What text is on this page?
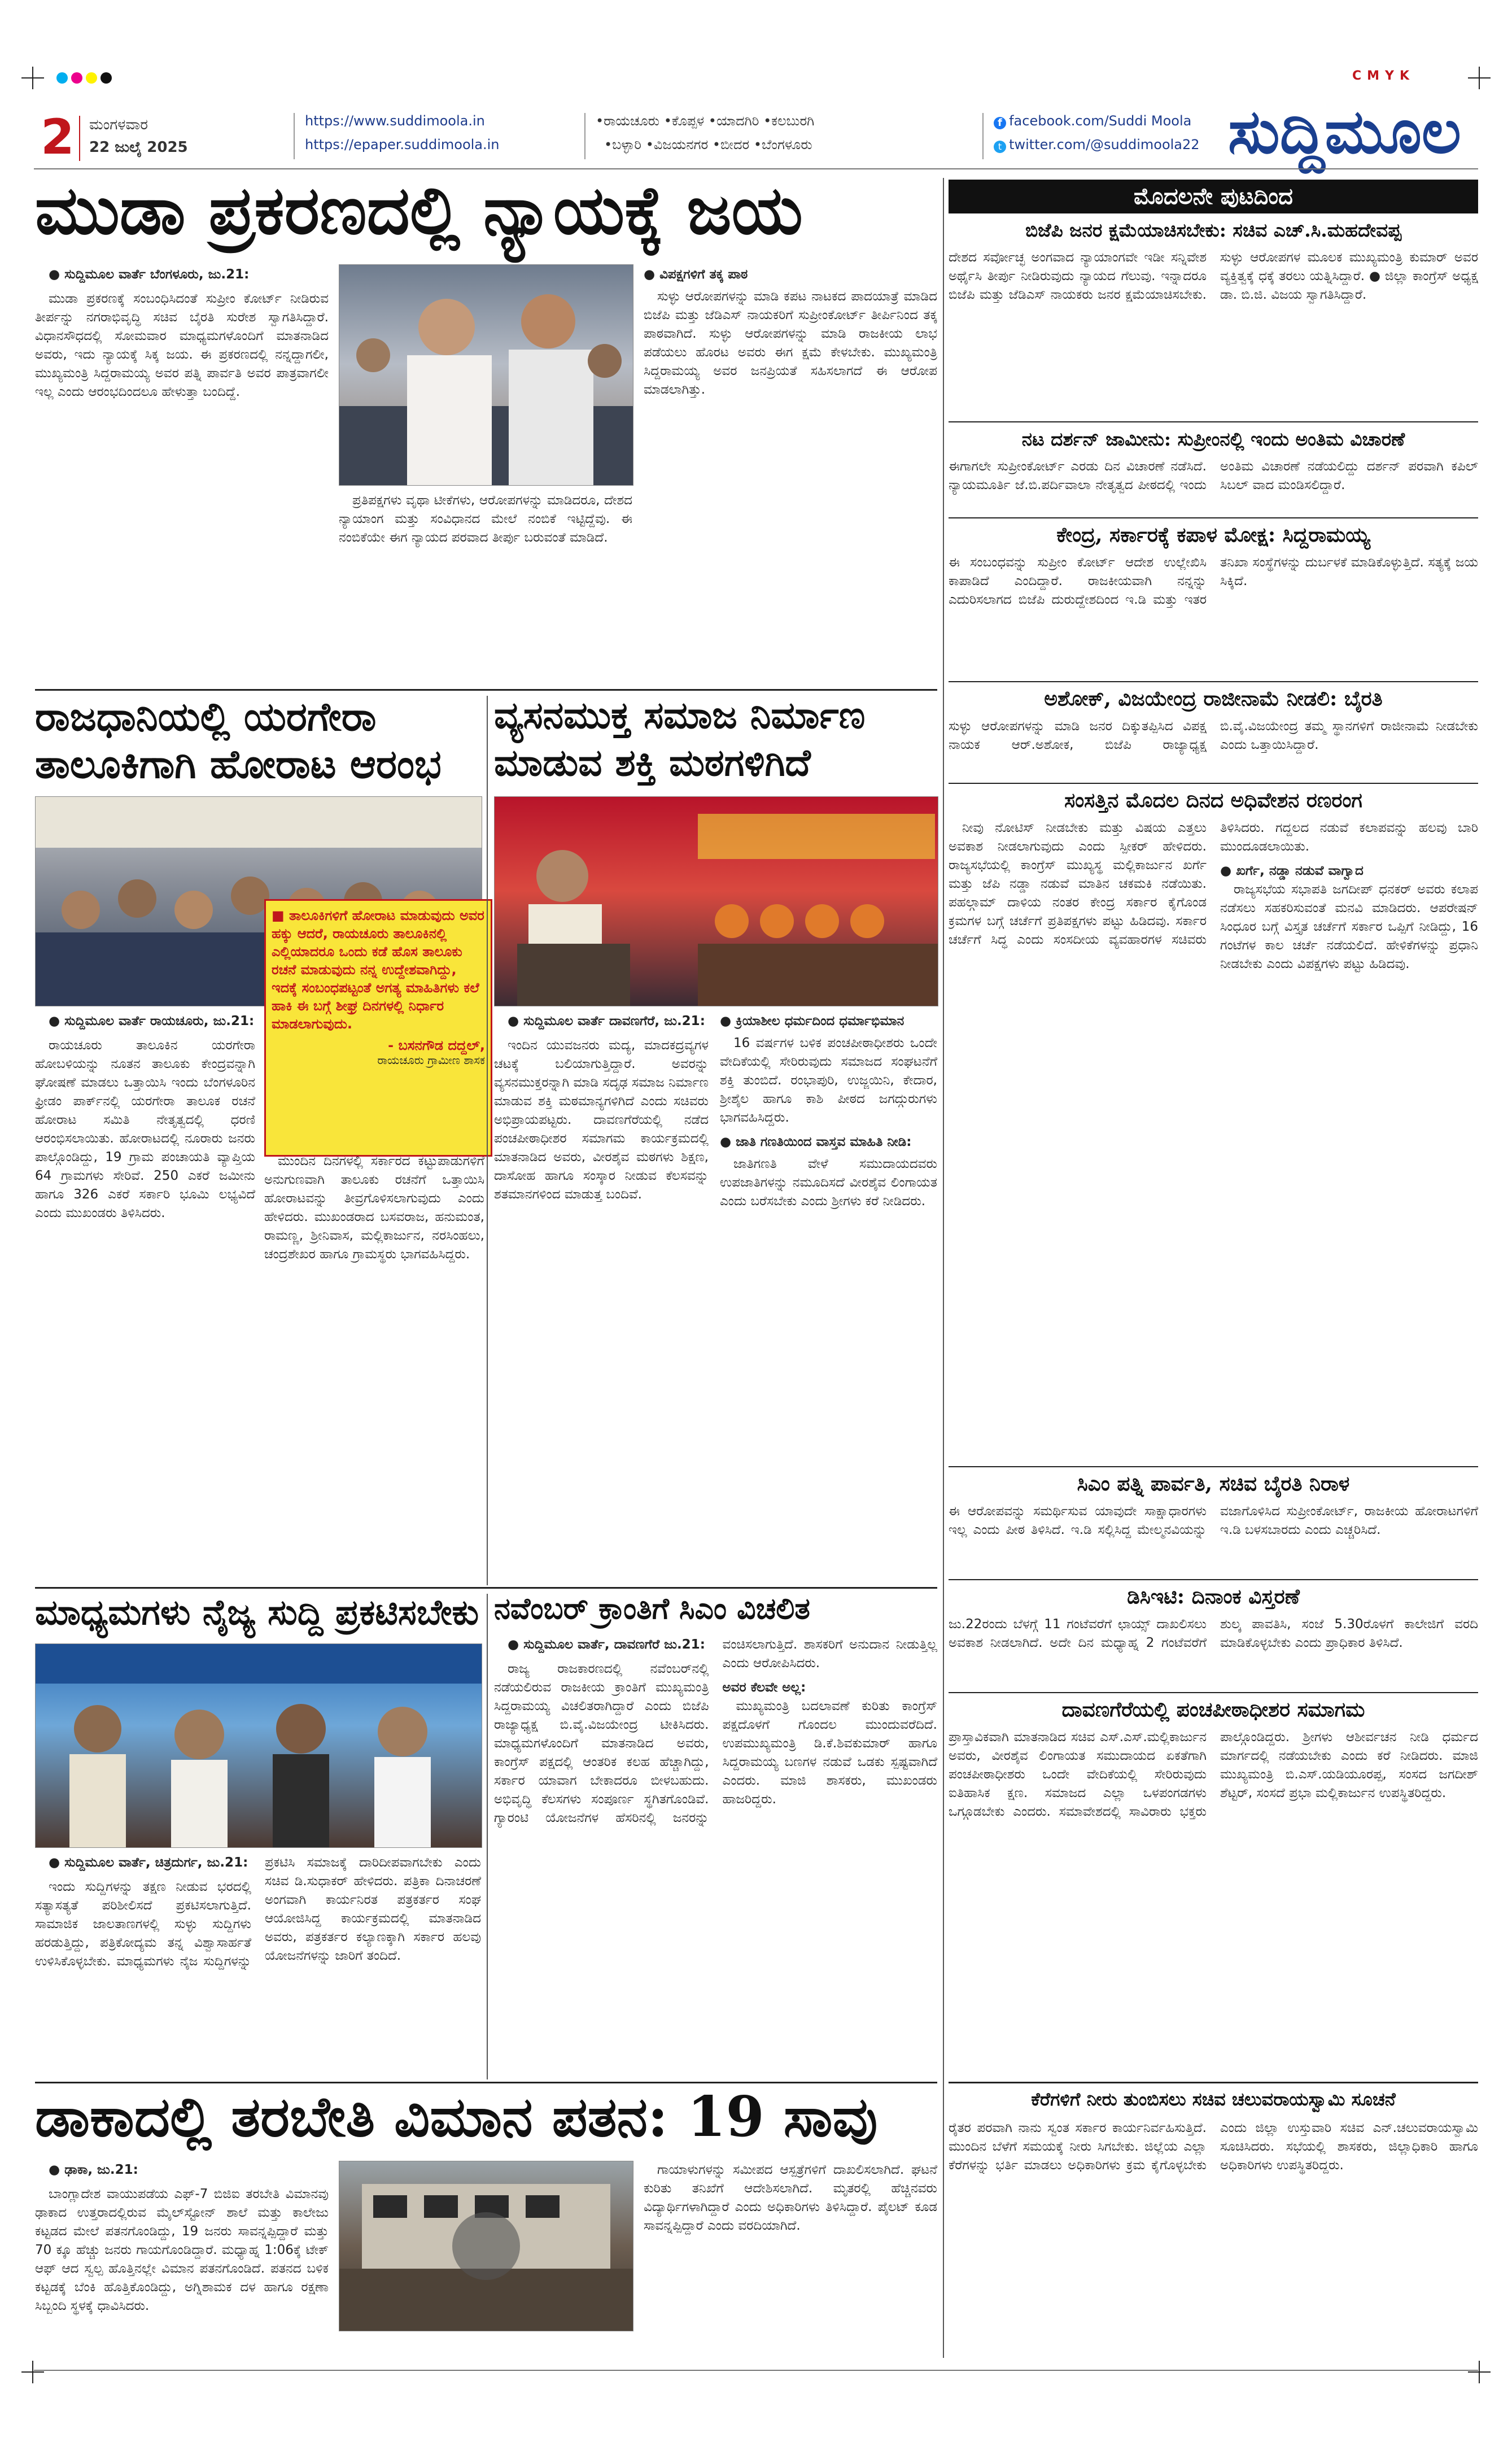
CMYK
2 ಮಂಗಳವಾರ
22 ಜುಲೈ 2025
https://www.suddimoola.in
https://epaper.suddimoola.in
•ರಾಯಚೂರು •ಕೊಪ್ಪಳ •ಯಾದಗಿರಿ •ಕಲಬುರಗಿ
•ಬಳ್ಳಾರಿ •ವಿಜಯನಗರ •ಬೀದರ •ಬೆಂಗಳೂರು
f facebook.com/Suddi Moola
t twitter.com/@suddimoola22 ಸುದ್ದಿಮೂಲ
ಮುಡಾ ಪ್ರಕರಣದಲ್ಲಿ ನ್ಯಾಯಕ್ಕೆ ಜಯ

● ಸುದ್ದಿಮೂಲ ವಾರ್ತೆ ಬೆಂಗಳೂರು, ಜು.21:

ಮುಡಾ ಪ್ರಕರಣಕ್ಕೆ ಸಂಬಂಧಿಸಿದಂತೆ ಸುಪ್ರೀಂ ಕೋರ್ಟ್ ನೀಡಿರುವ ತೀರ್ಪನ್ನು ನಗರಾಭಿವೃದ್ಧಿ ಸಚಿವ ಬೈರತಿ ಸುರೇಶ ಸ್ವಾಗತಿಸಿದ್ದಾರೆ. ವಿಧಾನಸೌಧದಲ್ಲಿ ಸೋಮವಾರ ಮಾಧ್ಯಮಗಳೊಂದಿಗೆ ಮಾತನಾಡಿದ ಅವರು, ಇದು ನ್ಯಾಯಕ್ಕೆ ಸಿಕ್ಕ ಜಯ. ಈ ಪ್ರಕರಣದಲ್ಲಿ ನನ್ನದ್ದಾಗಲೀ, ಮುಖ್ಯಮಂತ್ರಿ ಸಿದ್ದರಾಮಯ್ಯ ಅವರ ಪತ್ನಿ ಪಾರ್ವತಿ ಅವರ ಪಾತ್ರವಾಗಲೀ ಇಲ್ಲ ಎಂದು ಆರಂಭದಿಂದಲೂ ಹೇಳುತ್ತಾ ಬಂದಿದ್ದೆ.

ಪ್ರತಿಪಕ್ಷಗಳು ವೃಥಾ ಟೀಕೆಗಳು, ಆರೋಪಗಳನ್ನು ಮಾಡಿದರೂ, ದೇಶದ ನ್ಯಾಯಾಂಗ ಮತ್ತು ಸಂವಿಧಾನದ ಮೇಲೆ ನಂಬಿಕೆ ಇಟ್ಟಿದ್ದೆವು. ಈ ನಂಬಿಕೆಯೇ ಈಗ ನ್ಯಾಯದ ಪರವಾದ ತೀರ್ಪು ಬರುವಂತೆ ಮಾಡಿದೆ.

● ವಿಪಕ್ಷಗಳಿಗೆ ತಕ್ಕ ಪಾಠ

ಸುಳ್ಳು ಆರೋಪಗಳನ್ನು ಮಾಡಿ ಕಪಟ ನಾಟಕದ ಪಾದಯಾತ್ರೆ ಮಾಡಿದ ಬಿಜೆಪಿ ಮತ್ತು ಜೆಡಿಎಸ್ ನಾಯಕರಿಗೆ ಸುಪ್ರೀಂಕೋರ್ಟ್ ತೀರ್ಪಿನಿಂದ ತಕ್ಕ ಪಾಠವಾಗಿದೆ. ಸುಳ್ಳು ಆರೋಪಗಳನ್ನು ಮಾಡಿ ರಾಜಕೀಯ ಲಾಭ ಪಡೆಯಲು ಹೊರಟ ಅವರು ಈಗ ಕ್ಷಮೆ ಕೇಳಬೇಕು. ಮುಖ್ಯಮಂತ್ರಿ ಸಿದ್ದರಾಮಯ್ಯ ಅವರ ಜನಪ್ರಿಯತೆ ಸಹಿಸಲಾಗದೆ ಈ ಆರೋಪ ಮಾಡಲಾಗಿತ್ತು.

ರಾಜಧಾನಿಯಲ್ಲಿ ಯರಗೇರಾ
ತಾಲೂಕಿಗಾಗಿ ಹೋರಾಟ ಆರಂಭ

● ಸುದ್ದಿಮೂಲ ವಾರ್ತೆ ರಾಯಚೂರು, ಜು.21:

ರಾಯಚೂರು ತಾಲೂಕಿನ ಯರಗೇರಾ ಹೋಬಳಿಯನ್ನು ನೂತನ ತಾಲೂಕು ಕೇಂದ್ರವನ್ನಾಗಿ ಘೋಷಣೆ ಮಾಡಲು ಒತ್ತಾಯಿಸಿ ಇಂದು ಬೆಂಗಳೂರಿನ ಫ್ರೀಡಂ ಪಾರ್ಕ್‌ನಲ್ಲಿ ಯರಗೇರಾ ತಾಲೂಕ ರಚನೆ ಹೋರಾಟ ಸಮಿತಿ ನೇತೃತ್ವದಲ್ಲಿ ಧರಣಿ ಆರಂಭಿಸಲಾಯಿತು. ಹೋರಾಟದಲ್ಲಿ ನೂರಾರು ಜನರು ಪಾಲ್ಗೊಂಡಿದ್ದು, 19 ಗ್ರಾಮ ಪಂಚಾಯತಿ ವ್ಯಾಪ್ತಿಯ 64 ಗ್ರಾಮಗಳು ಸೇರಿವೆ. 250 ಎಕರೆ ಜಮೀನು ಹಾಗೂ 326 ಎಕರೆ ಸರ್ಕಾರಿ ಭೂಮಿ ಲಭ್ಯವಿದೆ ಎಂದು ಮುಖಂಡರು ತಿಳಿಸಿದರು.

■ ತಾಲೂಕಿಗಳಿಗೆ ಹೋರಾಟ ಮಾಡುವುದು ಅವರ ಹಕ್ಕು ಆದರೆ, ರಾಯಚೂರು ತಾಲೂಕಿನಲ್ಲಿ ಎಲ್ಲಿಯಾದರೂ ಒಂದು ಕಡೆ ಹೊಸ ತಾಲೂಕು ರಚನೆ ಮಾಡುವುದು ನನ್ನ ಉದ್ದೇಶವಾಗಿದ್ದು, ಇದಕ್ಕೆ ಸಂಬಂಧಪಟ್ಟಂತೆ ಅಗತ್ಯ ಮಾಹಿತಿಗಳು ಕಲೆ ಹಾಕಿ ಈ ಬಗ್ಗೆ ಶೀಘ್ರ ದಿನಗಳಲ್ಲಿ ನಿರ್ಧಾರ ಮಾಡಲಾಗುವುದು.
- ಬಸನಗೌಡ ದದ್ದಲ್,
ರಾಯಚೂರು ಗ್ರಾಮೀಣ ಶಾಸಕ

ಮುಂದಿನ ದಿನಗಳಲ್ಲಿ ಸರ್ಕಾರದ ಕಟ್ಟುಪಾಡುಗಳಿಗೆ ಅನುಗುಣವಾಗಿ ತಾಲೂಕು ರಚನೆಗೆ ಒತ್ತಾಯಿಸಿ ಹೋರಾಟವನ್ನು ತೀವ್ರಗೊಳಿಸಲಾಗುವುದು ಎಂದು ಹೇಳಿದರು. ಮುಖಂಡರಾದ ಬಸವರಾಜ, ಹನುಮಂತ, ರಾಮಣ್ಣ, ಶ್ರೀನಿವಾಸ, ಮಲ್ಲಿಕಾರ್ಜುನ, ನರಸಿಂಹಲು, ಚಂದ್ರಶೇಖರ ಹಾಗೂ ಗ್ರಾಮಸ್ಥರು ಭಾಗವಹಿಸಿದ್ದರು.

ವ್ಯಸನಮುಕ್ತ ಸಮಾಜ ನಿರ್ಮಾಣ
ಮಾಡುವ ಶಕ್ತಿ ಮಠಗಳಿಗಿದೆ

● ಸುದ್ದಿಮೂಲ ವಾರ್ತೆ ದಾವಣಗೆರೆ, ಜು.21:

ಇಂದಿನ ಯುವಜನರು ಮದ್ಯ, ಮಾದಕದ್ರವ್ಯಗಳ ಚಟಕ್ಕೆ ಬಲಿಯಾಗುತ್ತಿದ್ದಾರೆ. ಅವರನ್ನು ವ್ಯಸನಮುಕ್ತರನ್ನಾಗಿ ಮಾಡಿ ಸದೃಢ ಸಮಾಜ ನಿರ್ಮಾಣ ಮಾಡುವ ಶಕ್ತಿ ಮಠಮಾನ್ಯಗಳಿಗಿದೆ ಎಂದು ಸಚಿವರು ಅಭಿಪ್ರಾಯಪಟ್ಟರು. ದಾವಣಗೆರೆಯಲ್ಲಿ ನಡೆದ ಪಂಚಪೀಠಾಧೀಶರ ಸಮಾಗಮ ಕಾರ್ಯಕ್ರಮದಲ್ಲಿ ಮಾತನಾಡಿದ ಅವರು, ವೀರಶೈವ ಮಠಗಳು ಶಿಕ್ಷಣ, ದಾಸೋಹ ಹಾಗೂ ಸಂಸ್ಕಾರ ನೀಡುವ ಕೆಲಸವನ್ನು ಶತಮಾನಗಳಿಂದ ಮಾಡುತ್ತ ಬಂದಿವೆ.

● ಕ್ರಿಯಾಶೀಲ ಧರ್ಮದಿಂದ ಧರ್ಮಾಭಿಮಾನ

16 ವರ್ಷಗಳ ಬಳಿಕ ಪಂಚಪೀಠಾಧೀಶರು ಒಂದೇ ವೇದಿಕೆಯಲ್ಲಿ ಸೇರಿರುವುದು ಸಮಾಜದ ಸಂಘಟನೆಗೆ ಶಕ್ತಿ ತುಂಬಿದೆ. ರಂಭಾಪುರಿ, ಉಜ್ಜಯಿನಿ, ಕೇದಾರ, ಶ್ರೀಶೈಲ ಹಾಗೂ ಕಾಶಿ ಪೀಠದ ಜಗದ್ಗುರುಗಳು ಭಾಗವಹಿಸಿದ್ದರು.

● ಜಾತಿ ಗಣತಿಯಿಂದ ವಾಸ್ತವ ಮಾಹಿತಿ ನೀಡಿ:

ಜಾತಿಗಣತಿ ವೇಳೆ ಸಮುದಾಯದವರು ಉಪಜಾತಿಗಳನ್ನು ನಮೂದಿಸದೆ ವೀರಶೈವ ಲಿಂಗಾಯತ ಎಂದು ಬರೆಸಬೇಕು ಎಂದು ಶ್ರೀಗಳು ಕರೆ ನೀಡಿದರು.

ಮಾಧ್ಯಮಗಳು ನೈಜ್ಯ ಸುದ್ದಿ ಪ್ರಕಟಿಸಬೇಕು

● ಸುದ್ದಿಮೂಲ ವಾರ್ತೆ, ಚಿತ್ರದುರ್ಗ, ಜು.21:

ಇಂದು ಸುದ್ದಿಗಳನ್ನು ತಕ್ಷಣ ನೀಡುವ ಭರದಲ್ಲಿ ಸತ್ಯಾಸತ್ಯತೆ ಪರಿಶೀಲಿಸದೆ ಪ್ರಕಟಿಸಲಾಗುತ್ತಿದೆ. ಸಾಮಾಜಿಕ ಜಾಲತಾಣಗಳಲ್ಲಿ ಸುಳ್ಳು ಸುದ್ದಿಗಳು ಹರಡುತ್ತಿದ್ದು, ಪತ್ರಿಕೋದ್ಯಮ ತನ್ನ ವಿಶ್ವಾಸಾರ್ಹತೆ ಉಳಿಸಿಕೊಳ್ಳಬೇಕು. ಮಾಧ್ಯಮಗಳು ನೈಜ ಸುದ್ದಿಗಳನ್ನು ಪ್ರಕಟಿಸಿ ಸಮಾಜಕ್ಕೆ ದಾರಿದೀಪವಾಗಬೇಕು ಎಂದು ಸಚಿವ ಡಿ.ಸುಧಾಕರ್ ಹೇಳಿದರು. ಪತ್ರಿಕಾ ದಿನಾಚರಣೆ ಅಂಗವಾಗಿ ಕಾರ್ಯನಿರತ ಪತ್ರಕರ್ತರ ಸಂಘ ಆಯೋಜಿಸಿದ್ದ ಕಾರ್ಯಕ್ರಮದಲ್ಲಿ ಮಾತನಾಡಿದ ಅವರು, ಪತ್ರಕರ್ತರ ಕಲ್ಯಾಣಕ್ಕಾಗಿ ಸರ್ಕಾರ ಹಲವು ಯೋಜನೆಗಳನ್ನು ಜಾರಿಗೆ ತಂದಿದೆ.

ನವೆಂಬರ್ ಕ್ರಾಂತಿಗೆ ಸಿಎಂ ವಿಚಲಿತ

● ಸುದ್ದಿಮೂಲ ವಾರ್ತೆ, ದಾವಣಗೆರೆ ಜು.21:

ರಾಜ್ಯ ರಾಜಕಾರಣದಲ್ಲಿ ನವೆಂಬರ್‌ನಲ್ಲಿ ನಡೆಯಲಿರುವ ರಾಜಕೀಯ ಕ್ರಾಂತಿಗೆ ಮುಖ್ಯಮಂತ್ರಿ ಸಿದ್ದರಾಮಯ್ಯ ವಿಚಲಿತರಾಗಿದ್ದಾರೆ ಎಂದು ಬಿಜೆಪಿ ರಾಜ್ಯಾಧ್ಯಕ್ಷ ಬಿ.ವೈ.ವಿಜಯೇಂದ್ರ ಟೀಕಿಸಿದರು. ಮಾಧ್ಯಮಗಳೊಂದಿಗೆ ಮಾತನಾಡಿದ ಅವರು, ಕಾಂಗ್ರೆಸ್ ಪಕ್ಷದಲ್ಲಿ ಆಂತರಿಕ ಕಲಹ ಹೆಚ್ಚಾಗಿದ್ದು, ಸರ್ಕಾರ ಯಾವಾಗ ಬೇಕಾದರೂ ಬೀಳಬಹುದು. ಅಭಿವೃದ್ಧಿ ಕೆಲಸಗಳು ಸಂಪೂರ್ಣ ಸ್ಥಗಿತಗೊಂಡಿವೆ. ಗ್ಯಾರಂಟಿ ಯೋಜನೆಗಳ ಹೆಸರಿನಲ್ಲಿ ಜನರನ್ನು ವಂಚಿಸಲಾಗುತ್ತಿದೆ. ಶಾಸಕರಿಗೆ ಅನುದಾನ ನೀಡುತ್ತಿಲ್ಲ ಎಂದು ಆರೋಪಿಸಿದರು.

ಅವರ ಕೆಲವೇ ಅಲ್ಲ:

ಮುಖ್ಯಮಂತ್ರಿ ಬದಲಾವಣೆ ಕುರಿತು ಕಾಂಗ್ರೆಸ್ ಪಕ್ಷದೊಳಗೆ ಗೊಂದಲ ಮುಂದುವರೆದಿದೆ. ಉಪಮುಖ್ಯಮಂತ್ರಿ ಡಿ.ಕೆ.ಶಿವಕುಮಾರ್ ಹಾಗೂ ಸಿದ್ದರಾಮಯ್ಯ ಬಣಗಳ ನಡುವೆ ಒಡಕು ಸ್ಪಷ್ಟವಾಗಿದೆ ಎಂದರು. ಮಾಜಿ ಶಾಸಕರು, ಮುಖಂಡರು ಹಾಜರಿದ್ದರು.

ಡಾಕಾದಲ್ಲಿ ತರಬೇತಿ ವಿಮಾನ ಪತನ: 19 ಸಾವು

● ಢಾಕಾ, ಜು.21:

ಬಾಂಗ್ಲಾದೇಶ ವಾಯುಪಡೆಯ ಎಫ್-7 ಬಿಜಿಐ ತರಬೇತಿ ವಿಮಾನವು ಢಾಕಾದ ಉತ್ತರಾದಲ್ಲಿರುವ ಮೈಲ್‌ಸ್ಟೋನ್ ಶಾಲೆ ಮತ್ತು ಕಾಲೇಜು ಕಟ್ಟಡದ ಮೇಲೆ ಪತನಗೊಂಡಿದ್ದು, 19 ಜನರು ಸಾವನ್ನಪ್ಪಿದ್ದಾರೆ ಮತ್ತು 70 ಕ್ಕೂ ಹೆಚ್ಚು ಜನರು ಗಾಯಗೊಂಡಿದ್ದಾರೆ. ಮಧ್ಯಾಹ್ನ 1:06ಕ್ಕೆ ಟೇಕ್ ಆಫ್ ಆದ ಸ್ವಲ್ಪ ಹೊತ್ತಿನಲ್ಲೇ ವಿಮಾನ ಪತನಗೊಂಡಿದೆ. ಪತನದ ಬಳಿಕ ಕಟ್ಟಡಕ್ಕೆ ಬೆಂಕಿ ಹೊತ್ತಿಕೊಂಡಿದ್ದು, ಅಗ್ನಿಶಾಮಕ ದಳ ಹಾಗೂ ರಕ್ಷಣಾ ಸಿಬ್ಬಂದಿ ಸ್ಥಳಕ್ಕೆ ಧಾವಿಸಿದರು.

ಗಾಯಾಳುಗಳನ್ನು ಸಮೀಪದ ಆಸ್ಪತ್ರೆಗಳಿಗೆ ದಾಖಲಿಸಲಾಗಿದೆ. ಘಟನೆ ಕುರಿತು ತನಿಖೆಗೆ ಆದೇಶಿಸಲಾಗಿದೆ. ಮೃತರಲ್ಲಿ ಹೆಚ್ಚಿನವರು ವಿದ್ಯಾರ್ಥಿಗಳಾಗಿದ್ದಾರೆ ಎಂದು ಅಧಿಕಾರಿಗಳು ತಿಳಿಸಿದ್ದಾರೆ. ಪೈಲಟ್ ಕೂಡ ಸಾವನ್ನಪ್ಪಿದ್ದಾರೆ ಎಂದು ವರದಿಯಾಗಿದೆ.

ಮೊದಲನೇ ಪುಟದಿಂದ
ಬಿಜೆಪಿ ಜನರ ಕ್ಷಮೆಯಾಚಿಸಬೇಕು: ಸಚಿವ ಎಚ್.ಸಿ.ಮಹದೇವಪ್ಪ
ದೇಶದ ಸರ್ವೋಚ್ಛ ಅಂಗವಾದ ನ್ಯಾಯಾಂಗವೇ ಇಡೀ ಸನ್ನಿವೇಶ ಅರ್ಥೈಸಿ ತೀರ್ಪು ನೀಡಿರುವುದು ನ್ಯಾಯದ ಗೆಲುವು. ಇನ್ನಾದರೂ ಬಿಜೆಪಿ ಮತ್ತು ಜೆಡಿಎಸ್ ನಾಯಕರು ಜನರ ಕ್ಷಮೆಯಾಚಿಸಬೇಕು. ಸುಳ್ಳು ಆರೋಪಗಳ ಮೂಲಕ ಮುಖ್ಯಮಂತ್ರಿ ಕುಮಾರ್ ಅವರ ವ್ಯಕ್ತಿತ್ವಕ್ಕೆ ಧಕ್ಕೆ ತರಲು ಯತ್ನಿಸಿದ್ದಾರೆ. ● ಜಿಲ್ಲಾ ಕಾಂಗ್ರೆಸ್ ಅಧ್ಯಕ್ಷ ಡಾ. ಬಿ.ಜಿ. ವಿಜಯ ಸ್ವಾಗತಿಸಿದ್ದಾರೆ.
ನಟ ದರ್ಶನ್ ಜಾಮೀನು: ಸುಪ್ರೀಂನಲ್ಲಿ ಇಂದು ಅಂತಿಮ ವಿಚಾರಣೆ
ಈಗಾಗಲೇ ಸುಪ್ರೀಂಕೋರ್ಟ್ ಎರಡು ದಿನ ವಿಚಾರಣೆ ನಡೆಸಿದೆ. ನ್ಯಾಯಮೂರ್ತಿ ಜೆ.ಬಿ.ಪರ್ದಿವಾಲಾ ನೇತೃತ್ವದ ಪೀಠದಲ್ಲಿ ಇಂದು ಅಂತಿಮ ವಿಚಾರಣೆ ನಡೆಯಲಿದ್ದು ದರ್ಶನ್ ಪರವಾಗಿ ಕಪಿಲ್ ಸಿಬಲ್ ವಾದ ಮಂಡಿಸಲಿದ್ದಾರೆ.
ಕೇಂದ್ರ, ಸರ್ಕಾರಕ್ಕೆ ಕಪಾಳ ಮೋಕ್ಷ: ಸಿದ್ದರಾಮಯ್ಯ
ಈ ಸಂಬಂಧವನ್ನು ಸುಪ್ರೀಂ ಕೋರ್ಟ್ ಆದೇಶ ಉಲ್ಲೇಖಿಸಿ ಕಾಪಾಡಿದೆ ಎಂದಿದ್ದಾರೆ. ರಾಜಕೀಯವಾಗಿ ನನ್ನನ್ನು ಎದುರಿಸಲಾಗದ ಬಿಜೆಪಿ ದುರುದ್ದೇಶದಿಂದ ಇ.ಡಿ ಮತ್ತು ಇತರ ತನಿಖಾ ಸಂಸ್ಥೆಗಳನ್ನು ದುರ್ಬಳಕೆ ಮಾಡಿಕೊಳ್ಳುತ್ತಿದೆ. ಸತ್ಯಕ್ಕೆ ಜಯ ಸಿಕ್ಕಿದೆ.
ಅಶೋಕ್, ವಿಜಯೇಂದ್ರ ರಾಜೀನಾಮೆ ನೀಡಲಿ: ಬೈರತಿ
ಸುಳ್ಳು ಆರೋಪಗಳನ್ನು ಮಾಡಿ ಜನರ ದಿಕ್ಕುತಪ್ಪಿಸಿದ ವಿಪಕ್ಷ ನಾಯಕ ಆರ್.ಅಶೋಕ, ಬಿಜೆಪಿ ರಾಜ್ಯಾಧ್ಯಕ್ಷ ಬಿ.ವೈ.ವಿಜಯೇಂದ್ರ ತಮ್ಮ ಸ್ಥಾನಗಳಿಗೆ ರಾಜೀನಾಮೆ ನೀಡಬೇಕು ಎಂದು ಒತ್ತಾಯಿಸಿದ್ದಾರೆ.
ಸಂಸತ್ತಿನ ಮೊದಲ ದಿನದ ಅಧಿವೇಶನ ರಣರಂಗ

ನೀವು ನೋಟಿಸ್ ನೀಡಬೇಕು ಮತ್ತು ವಿಷಯ ಎತ್ತಲು ಅವಕಾಶ ನೀಡಲಾಗುವುದು ಎಂದು ಸ್ಪೀಕರ್ ಹೇಳಿದರು. ರಾಜ್ಯಸಭೆಯಲ್ಲಿ ಕಾಂಗ್ರೆಸ್ ಮುಖ್ಯಸ್ಥ ಮಲ್ಲಿಕಾರ್ಜುನ ಖರ್ಗೆ ಮತ್ತು ಜೆಪಿ ನಡ್ಡಾ ನಡುವೆ ಮಾತಿನ ಚಕಮಕಿ ನಡೆಯಿತು. ಪಹಲ್ಗಾಮ್ ದಾಳಿಯ ನಂತರ ಕೇಂದ್ರ ಸರ್ಕಾರ ಕೈಗೊಂಡ ಕ್ರಮಗಳ ಬಗ್ಗೆ ಚರ್ಚೆಗೆ ಪ್ರತಿಪಕ್ಷಗಳು ಪಟ್ಟು ಹಿಡಿದವು. ಸರ್ಕಾರ ಚರ್ಚೆಗೆ ಸಿದ್ಧ ಎಂದು ಸಂಸದೀಯ ವ್ಯವಹಾರಗಳ ಸಚಿವರು ತಿಳಿಸಿದರು. ಗದ್ದಲದ ನಡುವೆ ಕಲಾಪವನ್ನು ಹಲವು ಬಾರಿ ಮುಂದೂಡಲಾಯಿತು.

● ಖರ್ಗೆ, ನಡ್ಡಾ ನಡುವೆ ವಾಗ್ವಾದ

ರಾಜ್ಯಸಭೆಯ ಸಭಾಪತಿ ಜಗದೀಪ್ ಧನಕರ್ ಅವರು ಕಲಾಪ ನಡೆಸಲು ಸಹಕರಿಸುವಂತೆ ಮನವಿ ಮಾಡಿದರು. ಆಪರೇಷನ್ ಸಿಂಧೂರ ಬಗ್ಗೆ ವಿಸ್ತೃತ ಚರ್ಚೆಗೆ ಸರ್ಕಾರ ಒಪ್ಪಿಗೆ ನೀಡಿದ್ದು, 16 ಗಂಟೆಗಳ ಕಾಲ ಚರ್ಚೆ ನಡೆಯಲಿದೆ. ಹೇಳಿಕೆಗಳನ್ನು ಪ್ರಧಾನಿ ನೀಡಬೇಕು ಎಂದು ವಿಪಕ್ಷಗಳು ಪಟ್ಟು ಹಿಡಿದವು.

ಸಿಎಂ ಪತ್ನಿ ಪಾರ್ವತಿ, ಸಚಿವ ಬೈರತಿ ನಿರಾಳ
ಈ ಆರೋಪವನ್ನು ಸಮರ್ಥಿಸುವ ಯಾವುದೇ ಸಾಕ್ಷಾಧಾರಗಳು ಇಲ್ಲ ಎಂದು ಪೀಠ ತಿಳಿಸಿದೆ. ಇ.ಡಿ ಸಲ್ಲಿಸಿದ್ದ ಮೇಲ್ಮನವಿಯನ್ನು ವಜಾಗೊಳಿಸಿದ ಸುಪ್ರೀಂಕೋರ್ಟ್, ರಾಜಕೀಯ ಹೋರಾಟಗಳಿಗೆ ಇ.ಡಿ ಬಳಸಬಾರದು ಎಂದು ಎಚ್ಚರಿಸಿದೆ.
ಡಿಸಿಇಟಿ: ದಿನಾಂಕ ವಿಸ್ತರಣೆ
ಜು.22ರಂದು ಬೆಳಗ್ಗೆ 11 ಗಂಟೆವರೆಗೆ ಛಾಯ್ಸ್ ದಾಖಲಿಸಲು ಅವಕಾಶ ನೀಡಲಾಗಿದೆ. ಅದೇ ದಿನ ಮಧ್ಯಾಹ್ನ 2 ಗಂಟೆವರೆಗೆ ಶುಲ್ಕ ಪಾವತಿಸಿ, ಸಂಜೆ 5.30ರೊಳಗೆ ಕಾಲೇಜಿಗೆ ವರದಿ ಮಾಡಿಕೊಳ್ಳಬೇಕು ಎಂದು ಪ್ರಾಧಿಕಾರ ತಿಳಿಸಿದೆ.
ದಾವಣಗೆರೆಯಲ್ಲಿ ಪಂಚಪೀಠಾಧೀಶರ ಸಮಾಗಮ
ಪ್ರಾಸ್ತಾವಿಕವಾಗಿ ಮಾತನಾಡಿದ ಸಚಿವ ಎಸ್.ಎಸ್.ಮಲ್ಲಿಕಾರ್ಜುನ ಅವರು, ವೀರಶೈವ ಲಿಂಗಾಯತ ಸಮುದಾಯದ ಏಕತೆಗಾಗಿ ಪಂಚಪೀಠಾಧೀಶರು ಒಂದೇ ವೇದಿಕೆಯಲ್ಲಿ ಸೇರಿರುವುದು ಐತಿಹಾಸಿಕ ಕ್ಷಣ. ಸಮಾಜದ ಎಲ್ಲಾ ಒಳಪಂಗಡಗಳು ಒಗ್ಗೂಡಬೇಕು ಎಂದರು. ಸಮಾವೇಶದಲ್ಲಿ ಸಾವಿರಾರು ಭಕ್ತರು ಪಾಲ್ಗೊಂಡಿದ್ದರು. ಶ್ರೀಗಳು ಆಶೀರ್ವಚನ ನೀಡಿ ಧರ್ಮದ ಮಾರ್ಗದಲ್ಲಿ ನಡೆಯಬೇಕು ಎಂದು ಕರೆ ನೀಡಿದರು. ಮಾಜಿ ಮುಖ್ಯಮಂತ್ರಿ ಬಿ.ಎಸ್.ಯಡಿಯೂರಪ್ಪ, ಸಂಸದ ಜಗದೀಶ್ ಶೆಟ್ಟರ್, ಸಂಸದೆ ಪ್ರಭಾ ಮಲ್ಲಿಕಾರ್ಜುನ ಉಪಸ್ಥಿತರಿದ್ದರು.
ಕೆರೆಗಳಿಗೆ ನೀರು ತುಂಬಿಸಲು ಸಚಿವ ಚಲುವರಾಯಸ್ವಾಮಿ ಸೂಚನೆ
ರೈತರ ಪರವಾಗಿ ನಾನು ಸ್ವಂತ ಸರ್ಕಾರ ಕಾರ್ಯನಿರ್ವಹಿಸುತ್ತಿದೆ. ಮುಂದಿನ ಬೆಳೆಗೆ ಸಮಯಕ್ಕೆ ನೀರು ಸಿಗಬೇಕು. ಜಿಲ್ಲೆಯ ಎಲ್ಲಾ ಕೆರೆಗಳನ್ನು ಭರ್ತಿ ಮಾಡಲು ಅಧಿಕಾರಿಗಳು ಕ್ರಮ ಕೈಗೊಳ್ಳಬೇಕು ಎಂದು ಜಿಲ್ಲಾ ಉಸ್ತುವಾರಿ ಸಚಿವ ಎನ್.ಚಲುವರಾಯಸ್ವಾಮಿ ಸೂಚಿಸಿದರು. ಸಭೆಯಲ್ಲಿ ಶಾಸಕರು, ಜಿಲ್ಲಾಧಿಕಾರಿ ಹಾಗೂ ಅಧಿಕಾರಿಗಳು ಉಪಸ್ಥಿತರಿದ್ದರು.
